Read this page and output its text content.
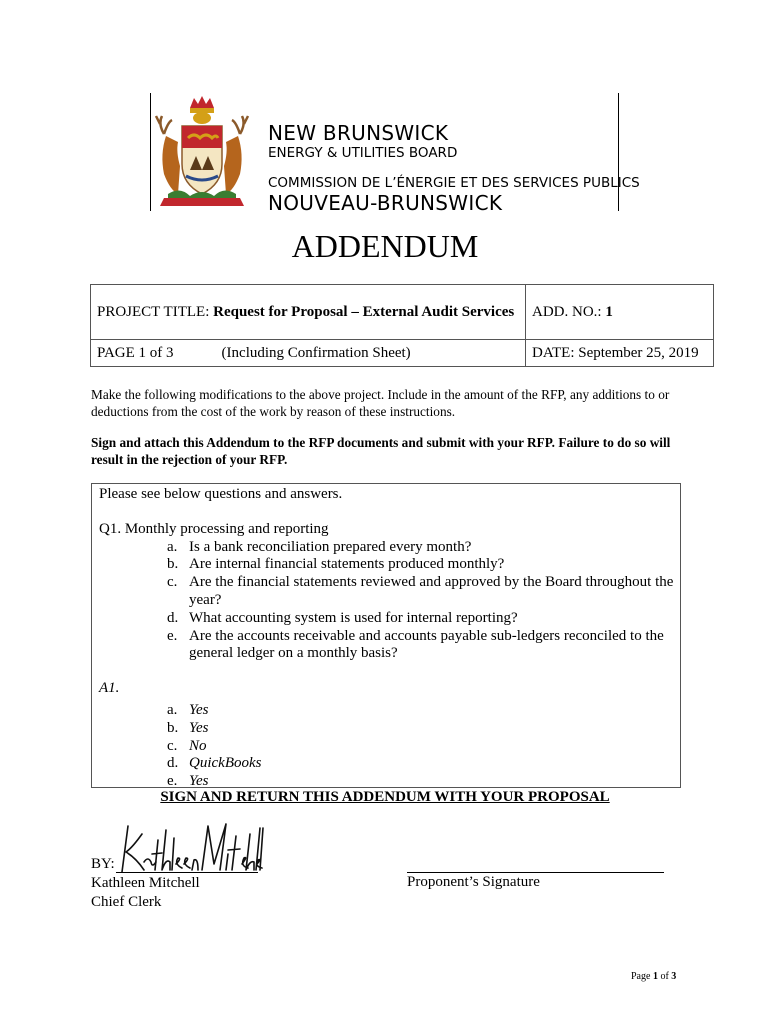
NEW BRUNSWICK
ENERGY & UTILITIES BOARD
COMMISSION DE L’ÉNERGIE ET DES SERVICES PUBLICS
NOUVEAU-BRUNSWICK
ADDENDUM
PROJECT TITLE: Request for Proposal – External Audit Services	ADD. NO.: 1
PAGE 1 of 3 (Including Confirmation Sheet)	DATE: September 25, 2019
Make the following modifications to the above project. Include in the amount of the RFP, any additions to or deductions from the cost of the work by reason of these instructions.
Sign and attach this Addendum to the RFP documents and submit with your RFP. Failure to do so will result in the rejection of your RFP.
Please see below questions and answers.
Q1. Monthly processing and reporting
a. Is a bank reconciliation prepared every month?
b. Are internal financial statements produced monthly?
c. Are the financial statements reviewed and approved by the Board throughout the year?
d. What accounting system is used for internal reporting?
e. Are the accounts receivable and accounts payable sub-ledgers reconciled to the general ledger on a monthly basis?
A1.
a. Yes
b. Yes
c. No
d. QuickBooks
e. Yes
SIGN AND RETURN THIS ADDENDUM WITH YOUR PROPOSAL
BY:
Kathleen Mitchell
Chief Clerk
Proponent’s Signature
Page 1 of 3
